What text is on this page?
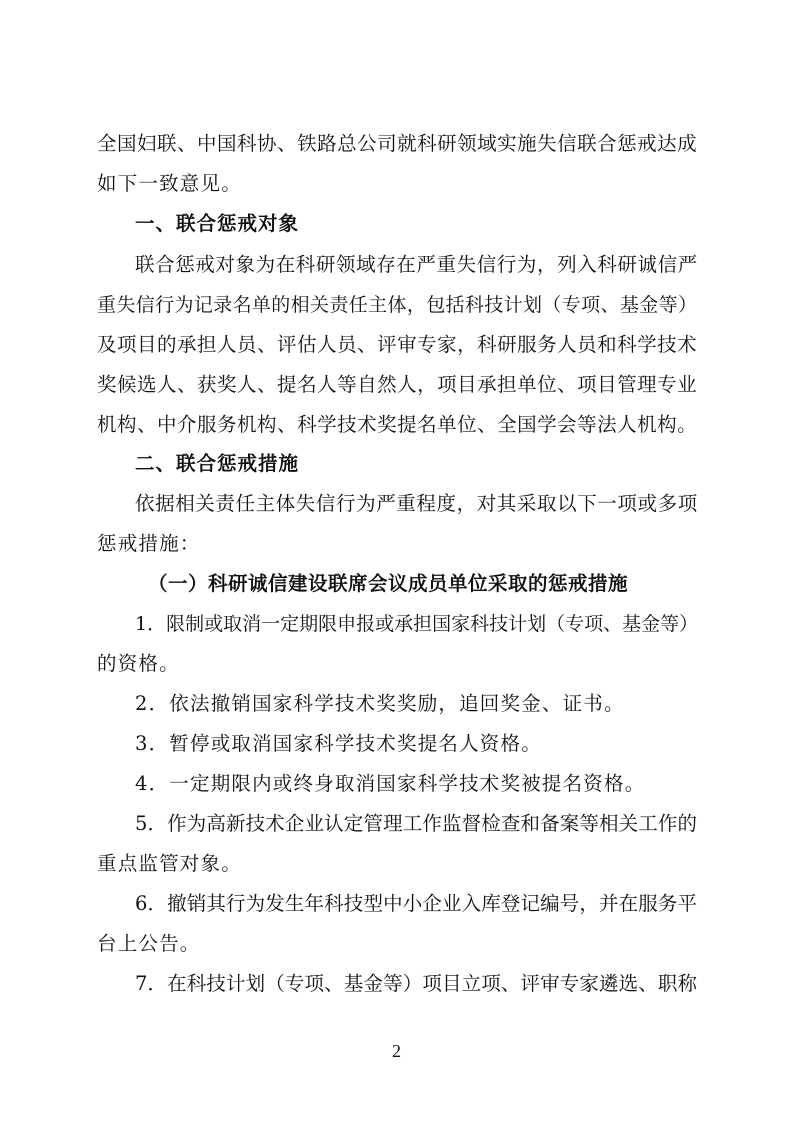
全国妇联、中国科协、铁路总公司就科研领域实施失信联合惩戒达成
如下一致意见。
一、联合惩戒对象
联合惩戒对象为在科研领域存在严重失信行为，列入科研诚信严
重失信行为记录名单的相关责任主体，包括科技计划（专项、基金等）
及项目的承担人员、评估人员、评审专家，科研服务人员和科学技术
奖候选人、获奖人、提名人等自然人，项目承担单位、项目管理专业
机构、中介服务机构、科学技术奖提名单位、全国学会等法人机构。
二、联合惩戒措施
依据相关责任主体失信行为严重程度，对其采取以下一项或多项
惩戒措施：
（一）科研诚信建设联席会议成员单位采取的惩戒措施
1．限制或取消一定期限申报或承担国家科技计划（专项、基金等）
的资格。
2．依法撤销国家科学技术奖奖励，追回奖金、证书。
3．暂停或取消国家科学技术奖提名人资格。
4．一定期限内或终身取消国家科学技术奖被提名资格。
5．作为高新技术企业认定管理工作监督检查和备案等相关工作的
重点监管对象。
6．撤销其行为发生年科技型中小企业入库登记编号，并在服务平
台上公告。
7．在科技计划（专项、基金等）项目立项、评审专家遴选、职称
2
